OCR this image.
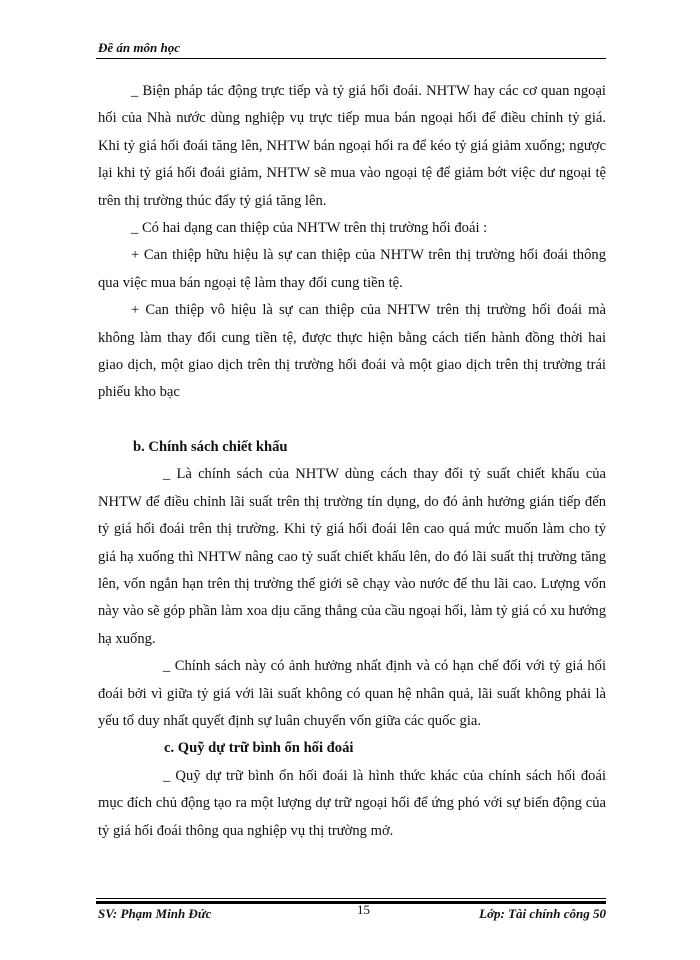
Đề án môn học

_ Biện pháp tác động trực tiếp và tỷ giá hối đoái. NHTW hay các cơ quan ngoại hối của Nhà nước dùng nghiệp vụ trực tiếp mua bán ngoại hối để điều chỉnh tỷ giá. Khi tỷ giá hối đoái tăng lên, NHTW bán ngoại hối ra để kéo tỷ giá giảm xuống; ngược lại khi tỷ giá hối đoái giảm, NHTW sẽ mua vào ngoại tệ để giảm bớt việc dư ngoại tệ trên thị trường thúc đẩy tỷ giá tăng lên.

_ Có hai dạng can thiệp của NHTW trên thị trường hối đoái :

+ Can thiệp hữu hiệu là sự can thiệp của NHTW trên thị trường hối đoái thông qua việc mua bán ngoại tệ làm thay đổi cung tiền tệ.

+ Can thiệp vô hiệu là sự can thiệp của NHTW trên thị trường hối đoái mà không làm thay đổi cung tiền tệ, được thực hiện bằng cách tiến hành đồng thời hai giao dịch, một giao dịch trên thị trường hối đoái và một giao dịch trên thị trường trái phiếu kho bạc

b. Chính sách chiết khấu

_ Là chính sách của NHTW dùng cách thay đổi tỷ suất chiết khấu của NHTW để điều chỉnh lãi suất trên thị trường tín dụng, do đó ảnh hưởng gián tiếp đến tỷ giá hối đoái trên thị trường. Khi tỷ giá hối đoái lên cao quá mức muốn làm cho tỷ giá hạ xuống thì NHTW nâng cao tỷ suất chiết khấu lên, do đó lãi suất thị trường tăng lên, vốn ngắn hạn trên thị trường thế giới sẽ chạy vào nước để thu lãi cao. Lượng vốn này vào sẽ góp phần làm xoa dịu căng thẳng của cầu ngoại hối, làm tỷ giá có xu hướng hạ xuống.

_ Chính sách này có ảnh hưởng nhất định và có hạn chế đối với tỷ giá hối đoái bởi vì giữa tỷ giá với lãi suất không có quan hệ nhân quả, lãi suất không phải là yếu tố duy nhất quyết định sự luân chuyển vốn giữa các quốc gia.

c. Quỹ dự trữ bình ổn hối đoái

_ Quỹ dự trữ bình ổn hối đoái là hình thức khác của chính sách hối đoái mục đích chủ động tạo ra một lượng dự trữ ngoại hối để ứng phó với sự biến động của tỷ giá hối đoái thông qua nghiệp vụ thị trường mở.

SV: Phạm Minh Đức	15	Lớp: Tài chính công 50
